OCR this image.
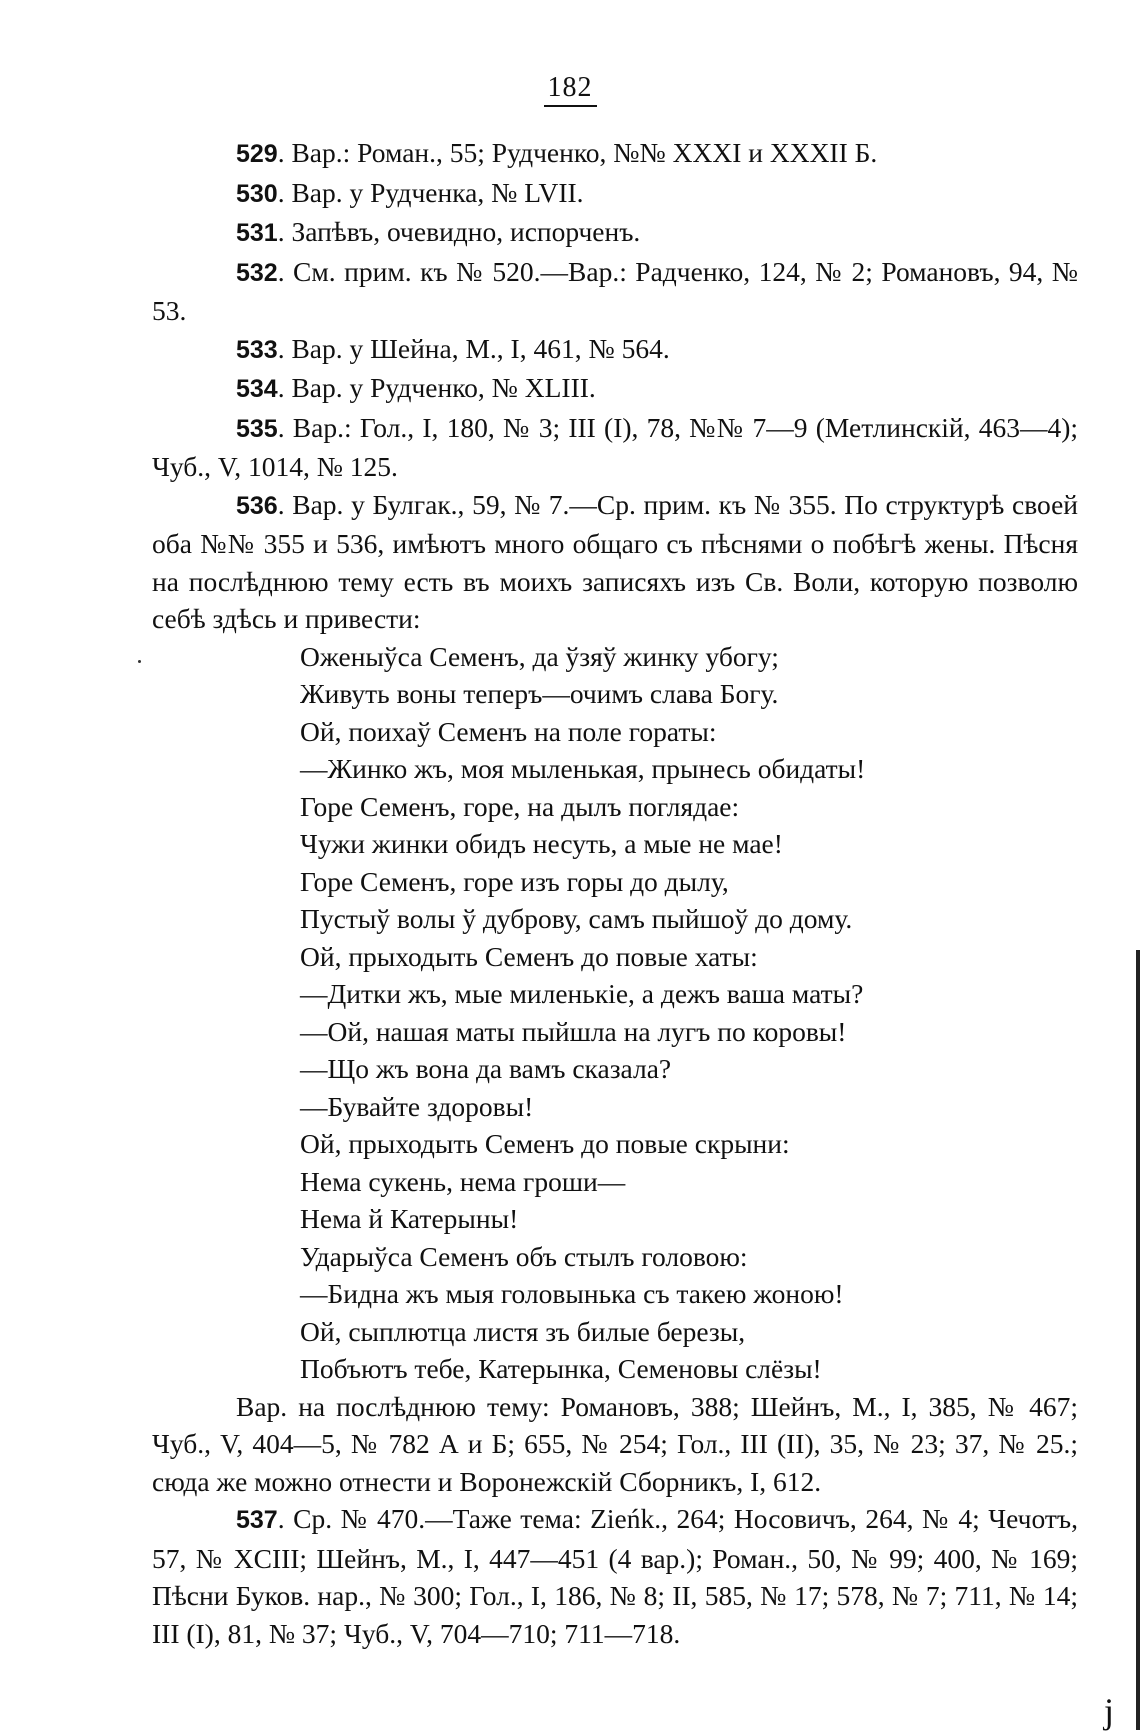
182

529. Вар.: Роман., 55; Рудченко, №№ XXXI и XXXII Б.

530. Вар. у Рудченка, № LVII.

531. Запѣвъ, очевидно, испорченъ.

532. См. прим. къ № 520.—Вар.: Радченко, 124, № 2; Романовъ, 94, № 53.

533. Вар. у Шейна, М., I, 461, № 564.

534. Вар. у Рудченко, № XLIII.

535. Вар.: Гол., I, 180, № 3; III (I), 78, №№ 7—9 (Метлинскій, 463—4); Чуб., V, 1014, № 125.

536. Вар. у Булгак., 59, № 7.—Ср. прим. къ № 355. По структурѣ своей оба №№ 355 и 536, имѣютъ много общаго съ пѣснями о побѣгѣ жены. Пѣсня на послѣднюю тему есть въ моихъ записяхъ изъ Св. Воли, которую позволю себѣ здѣсь и привести:

Оженыўса Семенъ, да ўзяў жинку убогу;
Живуть воны теперъ—очимъ слава Богу.
Ой, поихаў Семенъ на поле гораты:
—Жинко жъ, моя мыленькая, прынесь обидаты!
Горе Семенъ, горе, на дылъ поглядае:
Чужи жинки обидъ несуть, а мые не мае!
Горе Семенъ, горе изъ горы до дылу,
Пустыў волы ў дуброву, самъ пыйшоў до дому.
Ой, прыходыть Семенъ до повые хаты:
—Дитки жъ, мые миленькіе, а дежъ ваша маты?
—Ой, нашая маты пыйшла на лугъ по коровы!
—Що жъ вона да вамъ сказала?
—Бувайте здоровы!
Ой, прыходыть Семенъ до повые скрыни:
Нема сукень, нема гроши—
Нема й Катерыны!
Ударыўса Семенъ объ стылъ головою:
—Бидна жъ мыя головынька съ такею жоною!
Ой, сыплютца листя зъ билые березы,
Побъютъ тебе, Катерынка, Семеновы слёзы!

Вар. на послѣднюю тему: Романовъ, 388; Шейнъ, М., I, 385, № 467; Чуб., V, 404—5, № 782 А и Б; 655, № 254; Гол., III (II), 35, № 23; 37, № 25.; сюда же можно отнести и Воронежскій Сборникъ, I, 612.

537. Ср. № 470.—Таже тема: Zieńk., 264; Носовичъ, 264, № 4; Чечотъ, 57, № XCIII; Шейнъ, М., I, 447—451 (4 вар.); Роман., 50, № 99; 400, № 169; Пѣсни Буков. нар., № 300; Гол., I, 186, № 8; II, 585, № 17; 578, № 7; 711, № 14; III (I), 81, № 37; Чуб., V, 704—710; 711—718.

j
